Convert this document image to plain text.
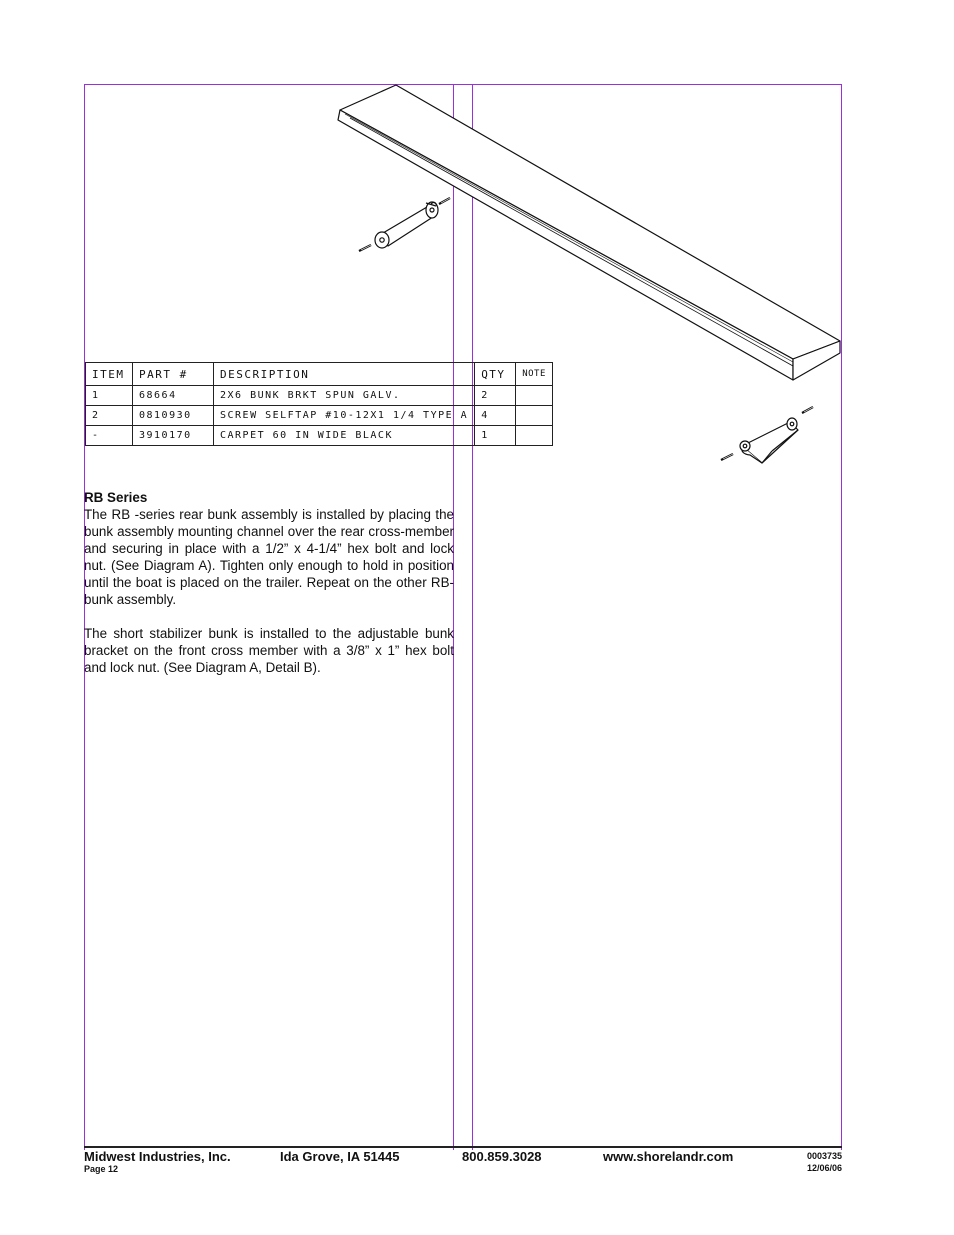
ITEM	PART #	DESCRIPTION	QTY	NOTE
1	68664	2X6 BUNK BRKT SPUN GALV.	2	
2	0810930	SCREW SELFTAP #10-12X1 1/4 TYPE A	4	
-	3910170	CARPET 60 IN WIDE BLACK	1	
RB Series

The RB -series rear bunk assembly is installed by placing the bunk assembly mounting channel over the rear cross-member and securing in place with a 1/2” x 4-1/4” hex bolt and lock nut. (See Diagram A). Tighten only enough to hold in position until the boat is placed on the trailer. Repeat on the other RB-bunk assembly.

The short stabilizer bunk is installed to the adjustable bunk bracket on the front cross member with a 3/8” x 1” hex bolt and lock nut. (See Diagram A, Detail B).

Midwest Industries, Inc.	Ida Grove, IA 51445	800.859.3028	www.shorelandr.com
Page 12
0003735
12/06/06
